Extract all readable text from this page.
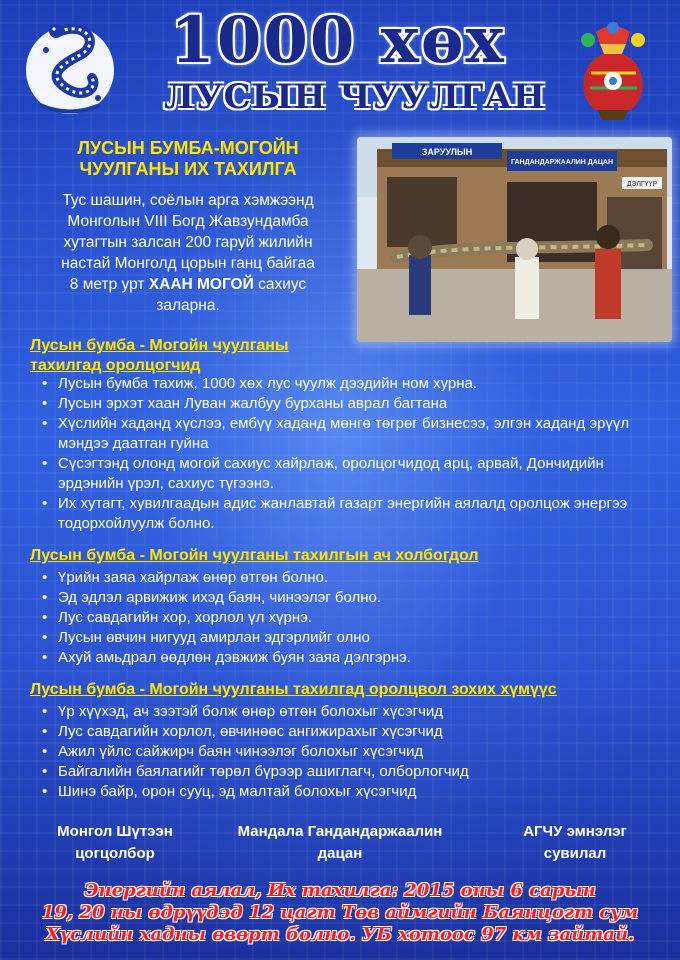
1000 хөх
ЛУСЫН ЧУУЛГАН
ЛУСЫН БУМБА-МОГОЙН
ЧУУЛГАНЫ ИХ ТАХИЛГА
Тус шашин, соёлын арга хэмжээнд
Монголын VIII Богд Жавзундамба
хутагтын залсан 200 гаруй жилийн
настай Монголд цорын ганц байгаа
8 метр урт ХААН МОГОЙ сахиус
заларна.
ЗАРУУЛЫН
ГАНДАНДАРЖААЛИН ДАЦАН
ДЭЛГҮҮР
Лусын бумба - Могойн чуулганы
тахилгад оролцогчид
• Лусын бумба тахиж, 1000 хөх лус чуулж дээдийн ном хурна.
• Лусын эрхэт хаан Луван жалбуу бурханы аврал багтана
• Хүслийн хаданд хүслээ, ембүү хаданд мөнгө төгрөг бизнесээ, элгэн хаданд эрүүл мэндээ даатган гуйна
• Сүсэгтэнд олонд могой сахиус хайрлаж, оролцогчидод арц, арвай, Дончидийн эрдэнийн үрэл, сахиус түгээнэ.
• Их хутагт, хувилгаадын адис жанлавтай газарт энергийн аялалд оролцож энергээ тодорхойлуулж болно.
Лусын бумба - Могойн чуулганы тахилгын ач холбогдол
• Үрийн заяа хайрлаж өнөр өтгөн болно.
• Эд эдлэл арвижиж ихэд баян, чинээлэг болно.
• Лус савдагийн хор, хорлол үл хүрнэ.
• Лусын өвчин нигууд амирлан эдгэрлийг олно
• Ахуй амьдрал өөдлөн дэвжиж буян заяа дэлгэрнэ.
Лусын бумба - Могойн чуулганы тахилгад оролцвол зохих хүмүүс
• Үр хүүхэд, ач зээтэй болж өнөр өтгөн болохыг хүсэгчид
• Лус савдагийн хорлол, өвчинөөс ангижирахыг хүсэгчид
• Ажил үйлс сайжирч баян чинээлэг болохыг хүсэгчид
• Байгалийн баялагийг төрөл бүрээр ашиглагч, олборлогчид
• Шинэ байр, орон сууц, эд малтай болохыг хүсэгчид
Монгол Шүтээн
цогцолбор
Мандала Гандандаржаалин
дацан
АГЧУ эмнэлэг
сувилал
Энергийн аялал, Их тахилга: 2015 оны 6 сарын
19, 20 ны өдрүүдэд 12 цагт Төв аймгийн Баянцогт сум
Хүслийн хадны өвөрт болно. УБ хотоос 97 км зайтай.
